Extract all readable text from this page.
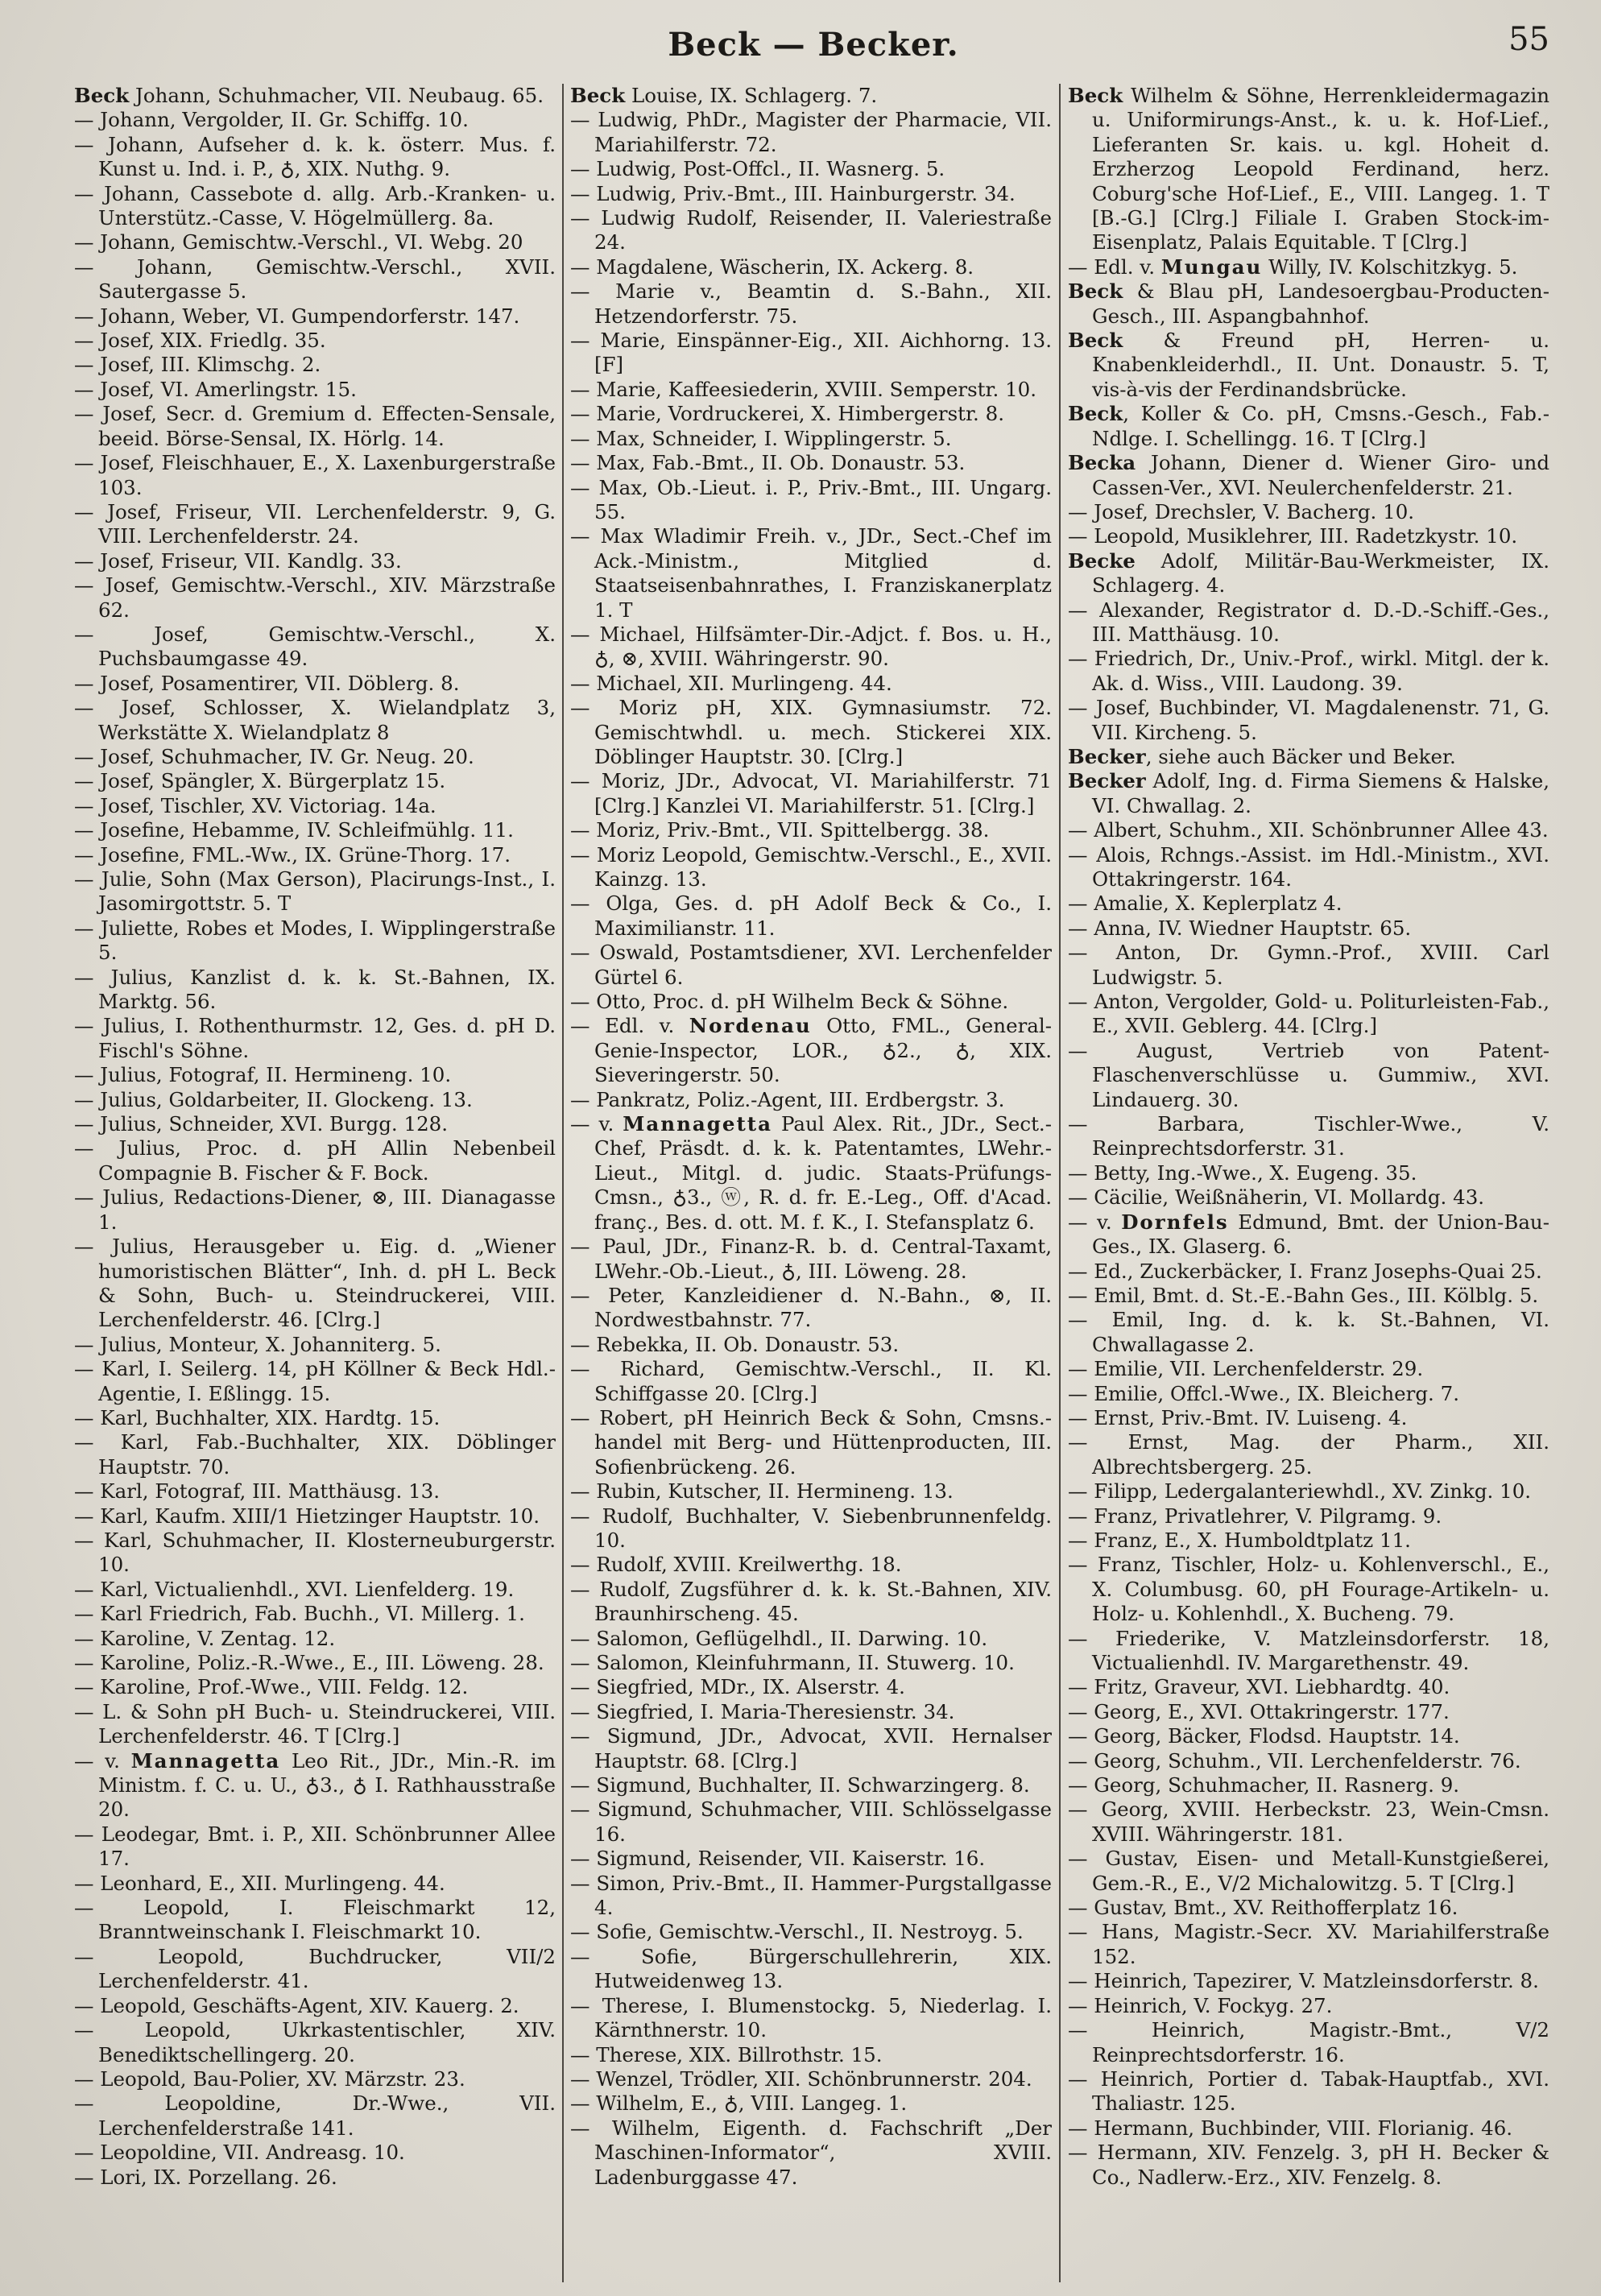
Beck — Becker.	55
Beck Johann, Schuhmacher, VII. Neubaug. 65.
— Johann, Vergolder, II. Gr. Schiffg. 10.
— Johann, Aufseher d. k. k. österr. Mus. f. Kunst u. Ind. i. P., ♁, XIX. Nuthg. 9.
— Johann, Cassebote d. allg. Arb.-Kranken- u. Unterstütz.-Casse, V. Högelmüllerg. 8a.
— Johann, Gemischtw.-Verschl., VI. Webg. 20
— Johann, Gemischtw.-Verschl., XVII. Sautergasse 5.
— Johann, Weber, VI. Gumpendorferstr. 147.
— Josef, XIX. Friedlg. 35.
— Josef, III. Klimschg. 2.
— Josef, VI. Amerlingstr. 15.
— Josef, Secr. d. Gremium d. Effecten-Sensale, beeid. Börse-Sensal, IX. Hörlg. 14.
— Josef, Fleischhauer, E., X. Laxenburgerstraße 103.
— Josef, Friseur, VII. Lerchenfelderstr. 9, G. VIII. Lerchenfelderstr. 24.
— Josef, Friseur, VII. Kandlg. 33.
— Josef, Gemischtw.-Verschl., XIV. Märzstraße 62.
— Josef, Gemischtw.-Verschl., X. Puchsbaumgasse 49.
— Josef, Posamentirer, VII. Döblerg. 8.
— Josef, Schlosser, X. Wielandplatz 3, Werkstätte X. Wielandplatz 8
— Josef, Schuhmacher, IV. Gr. Neug. 20.
— Josef, Spängler, X. Bürgerplatz 15.
— Josef, Tischler, XV. Victoriag. 14a.
— Josefine, Hebamme, IV. Schleifmühlg. 11.
— Josefine, FML.-Ww., IX. Grüne-Thorg. 17.
— Julie, Sohn (Max Gerson), Placirungs-Inst., I. Jasomirgottstr. 5. T
— Juliette, Robes et Modes, I. Wipplingerstraße 5.
— Julius, Kanzlist d. k. k. St.-Bahnen, IX. Marktg. 56.
— Julius, I. Rothenthurmstr. 12, Ges. d. pH D. Fischl's Söhne.
— Julius, Fotograf, II. Hermineng. 10.
— Julius, Goldarbeiter, II. Glockeng. 13.
— Julius, Schneider, XVI. Burgg. 128.
— Julius, Proc. d. pH Allin Nebenbeil Compagnie B. Fischer & F. Bock.
— Julius, Redactions-Diener, ⊗, III. Dianagasse 1.
— Julius, Herausgeber u. Eig. d. „Wiener humoristischen Blätter“, Inh. d. pH L. Beck & Sohn, Buch- u. Steindruckerei, VIII. Lerchenfelderstr. 46. [Clrg.]
— Julius, Monteur, X. Johanniterg. 5.
— Karl, I. Seilerg. 14, pH Köllner & Beck Hdl.-Agentie, I. Eßlingg. 15.
— Karl, Buchhalter, XIX. Hardtg. 15.
— Karl, Fab.-Buchhalter, XIX. Döblinger Hauptstr. 70.
— Karl, Fotograf, III. Matthäusg. 13.
— Karl, Kaufm. XIII/1 Hietzinger Hauptstr. 10.
— Karl, Schuhmacher, II. Klosterneuburgerstr. 10.
— Karl, Victualienhdl., XVI. Lienfelderg. 19.
— Karl Friedrich, Fab. Buchh., VI. Millerg. 1.
— Karoline, V. Zentag. 12.
— Karoline, Poliz.-R.-Wwe., E., III. Löweng. 28.
— Karoline, Prof.-Wwe., VIII. Feldg. 12.
— L. & Sohn pH Buch- u. Steindruckerei, VIII. Lerchenfelderstr. 46. T [Clrg.]
— v. Mannagetta Leo Rit., JDr., Min.-R. im Ministm. f. C. u. U., ♁3., ♁ I. Rathhausstraße 20.
— Leodegar, Bmt. i. P., XII. Schönbrunner Allee 17.
— Leonhard, E., XII. Murlingeng. 44.
— Leopold, I. Fleischmarkt 12, Branntweinschank I. Fleischmarkt 10.
— Leopold, Buchdrucker, VII/2 Lerchenfelderstr. 41.
— Leopold, Geschäfts-Agent, XIV. Kauerg. 2.
— Leopold, Ukrkastentischler, XIV. Benediktschellingerg. 20.
— Leopold, Bau-Polier, XV. Märzstr. 23.
— Leopoldine, Dr.-Wwe., VII. Lerchenfelderstraße 141.
— Leopoldine, VII. Andreasg. 10.
— Lori, IX. Porzellang. 26.
Beck Louise, IX. Schlagerg. 7.
— Ludwig, PhDr., Magister der Pharmacie, VII. Mariahilferstr. 72.
— Ludwig, Post-Offcl., II. Wasnerg. 5.
— Ludwig, Priv.-Bmt., III. Hainburgerstr. 34.
— Ludwig Rudolf, Reisender, II. Valeriestraße 24.
— Magdalene, Wäscherin, IX. Ackerg. 8.
— Marie v., Beamtin d. S.-Bahn., XII. Hetzendorferstr. 75.
— Marie, Einspänner-Eig., XII. Aichhorng. 13. [F]
— Marie, Kaffeesiederin, XVIII. Semperstr. 10.
— Marie, Vordruckerei, X. Himbergerstr. 8.
— Max, Schneider, I. Wipplingerstr. 5.
— Max, Fab.-Bmt., II. Ob. Donaustr. 53.
— Max, Ob.-Lieut. i. P., Priv.-Bmt., III. Ungarg. 55.
— Max Wladimir Freih. v., JDr., Sect.-Chef im Ack.-Ministm., Mitglied d. Staatseisenbahnrathes, I. Franziskanerplatz 1. T
— Michael, Hilfsämter-Dir.-Adjct. f. Bos. u. H., ♁, ⊗, XVIII. Währingerstr. 90.
— Michael, XII. Murlingeng. 44.
— Moriz pH, XIX. Gymnasiumstr. 72. Gemischtwhdl. u. mech. Stickerei XIX. Döblinger Hauptstr. 30. [Clrg.]
— Moriz, JDr., Advocat, VI. Mariahilferstr. 71 [Clrg.] Kanzlei VI. Mariahilferstr. 51. [Clrg.]
— Moriz, Priv.-Bmt., VII. Spittelbergg. 38.
— Moriz Leopold, Gemischtw.-Verschl., E., XVII. Kainzg. 13.
— Olga, Ges. d. pH Adolf Beck & Co., I. Maximilianstr. 11.
— Oswald, Postamtsdiener, XVI. Lerchenfelder Gürtel 6.
— Otto, Proc. d. pH Wilhelm Beck & Söhne.
— Edl. v. Nordenau Otto, FML., General-Genie-Inspector, LOR., ♁2., ♁, XIX. Sieveringerstr. 50.
— Pankratz, Poliz.-Agent, III. Erdbergstr. 3.
— v. Mannagetta Paul Alex. Rit., JDr., Sect.-Chef, Präsdt. d. k. k. Patentamtes, LWehr.-Lieut., Mitgl. d. judic. Staats-Prüfungs-Cmsn., ♁3., ⓦ, R. d. fr. E.-Leg., Off. d'Acad. franç., Bes. d. ott. M. f. K., I. Stefansplatz 6.
— Paul, JDr., Finanz-R. b. d. Central-Taxamt, LWehr.-Ob.-Lieut., ♁, III. Löweng. 28.
— Peter, Kanzleidiener d. N.-Bahn., ⊗, II. Nordwestbahnstr. 77.
— Rebekka, II. Ob. Donaustr. 53.
— Richard, Gemischtw.-Verschl., II. Kl. Schiffgasse 20. [Clrg.]
— Robert, pH Heinrich Beck & Sohn, Cmsns.-handel mit Berg- und Hüttenproducten, III. Sofienbrückeng. 26.
— Rubin, Kutscher, II. Hermineng. 13.
— Rudolf, Buchhalter, V. Siebenbrunnenfeldg. 10.
— Rudolf, XVIII. Kreilwerthg. 18.
— Rudolf, Zugsführer d. k. k. St.-Bahnen, XIV. Braunhirscheng. 45.
— Salomon, Geflügelhdl., II. Darwing. 10.
— Salomon, Kleinfuhrmann, II. Stuwerg. 10.
— Siegfried, MDr., IX. Alserstr. 4.
— Siegfried, I. Maria-Theresienstr. 34.
— Sigmund, JDr., Advocat, XVII. Hernalser Hauptstr. 68. [Clrg.]
— Sigmund, Buchhalter, II. Schwarzingerg. 8.
— Sigmund, Schuhmacher, VIII. Schlösselgasse 16.
— Sigmund, Reisender, VII. Kaiserstr. 16.
— Simon, Priv.-Bmt., II. Hammer-Purgstallgasse 4.
— Sofie, Gemischtw.-Verschl., II. Nestroyg. 5.
— Sofie, Bürgerschullehrerin, XIX. Hutweidenweg 13.
— Therese, I. Blumenstockg. 5, Niederlag. I. Kärnthnerstr. 10.
— Therese, XIX. Billrothstr. 15.
— Wenzel, Trödler, XII. Schönbrunnerstr. 204.
— Wilhelm, E., ♁, VIII. Langeg. 1.
— Wilhelm, Eigenth. d. Fachschrift „Der Maschinen-Informator“, XVIII. Ladenburggasse 47.
Beck Wilhelm & Söhne, Herrenkleidermagazin u. Uniformirungs-Anst., k. u. k. Hof-Lief., Lieferanten Sr. kais. u. kgl. Hoheit d. Erzherzog Leopold Ferdinand, herz. Coburg'sche Hof-Lief., E., VIII. Langeg. 1. T [B.-G.] [Clrg.] Filiale I. Graben Stock-im-Eisenplatz, Palais Equitable. T [Clrg.]
— Edl. v. Mungau Willy, IV. Kolschitzkyg. 5.
Beck & Blau pH, Landesoergbau-Producten-Gesch., III. Aspangbahnhof.
Beck & Freund pH, Herren- u. Knabenkleiderhdl., II. Unt. Donaustr. 5. T, vis-à-vis der Ferdinandsbrücke.
Beck, Koller & Co. pH, Cmsns.-Gesch., Fab.-Ndlge. I. Schellingg. 16. T [Clrg.]
Becka Johann, Diener d. Wiener Giro- und Cassen-Ver., XVI. Neulerchenfelderstr. 21.
— Josef, Drechsler, V. Bacherg. 10.
— Leopold, Musiklehrer, III. Radetzkystr. 10.
Becke Adolf, Militär-Bau-Werkmeister, IX. Schlagerg. 4.
— Alexander, Registrator d. D.-D.-Schiff.-Ges., III. Matthäusg. 10.
— Friedrich, Dr., Univ.-Prof., wirkl. Mitgl. der k. Ak. d. Wiss., VIII. Laudong. 39.
— Josef, Buchbinder, VI. Magdalenenstr. 71, G. VII. Kircheng. 5.
Becker, siehe auch Bäcker und Beker.
Becker Adolf, Ing. d. Firma Siemens & Halske, VI. Chwallag. 2.
— Albert, Schuhm., XII. Schönbrunner Allee 43.
— Alois, Rchngs.-Assist. im Hdl.-Ministm., XVI. Ottakringerstr. 164.
— Amalie, X. Keplerplatz 4.
— Anna, IV. Wiedner Hauptstr. 65.
— Anton, Dr. Gymn.-Prof., XVIII. Carl Ludwigstr. 5.
— Anton, Vergolder, Gold- u. Politurleisten-Fab., E., XVII. Geblerg. 44. [Clrg.]
— August, Vertrieb von Patent-Flaschenverschlüsse u. Gummiw., XVI. Lindauerg. 30.
— Barbara, Tischler-Wwe., V. Reinprechtsdorferstr. 31.
— Betty, Ing.-Wwe., X. Eugeng. 35.
— Cäcilie, Weißnäherin, VI. Mollardg. 43.
— v. Dornfels Edmund, Bmt. der Union-Bau-Ges., IX. Glaserg. 6.
— Ed., Zuckerbäcker, I. Franz Josephs-Quai 25.
— Emil, Bmt. d. St.-E.-Bahn Ges., III. Kölblg. 5.
— Emil, Ing. d. k. k. St.-Bahnen, VI. Chwallagasse 2.
— Emilie, VII. Lerchenfelderstr. 29.
— Emilie, Offcl.-Wwe., IX. Bleicherg. 7.
— Ernst, Priv.-Bmt. IV. Luiseng. 4.
— Ernst, Mag. der Pharm., XII. Albrechtsbergerg. 25.
— Filipp, Ledergalanteriewhdl., XV. Zinkg. 10.
— Franz, Privatlehrer, V. Pilgramg. 9.
— Franz, E., X. Humboldtplatz 11.
— Franz, Tischler, Holz- u. Kohlenverschl., E., X. Columbusg. 60, pH Fourage-Artikeln- u. Holz- u. Kohlenhdl., X. Bucheng. 79.
— Friederike, V. Matzleinsdorferstr. 18, Victualienhdl. IV. Margarethenstr. 49.
— Fritz, Graveur, XVI. Liebhardtg. 40.
— Georg, E., XVI. Ottakringerstr. 177.
— Georg, Bäcker, Flodsd. Hauptstr. 14.
— Georg, Schuhm., VII. Lerchenfelderstr. 76.
— Georg, Schuhmacher, II. Rasnerg. 9.
— Georg, XVIII. Herbeckstr. 23, Wein-Cmsn. XVIII. Währingerstr. 181.
— Gustav, Eisen- und Metall-Kunstgießerei, Gem.-R., E., V/2 Michalowitzg. 5. T [Clrg.]
— Gustav, Bmt., XV. Reithofferplatz 16.
— Hans, Magistr.-Secr. XV. Mariahilferstraße 152.
— Heinrich, Tapezirer, V. Matzleinsdorferstr. 8.
— Heinrich, V. Fockyg. 27.
— Heinrich, Magistr.-Bmt., V/2 Reinprechtsdorferstr. 16.
— Heinrich, Portier d. Tabak-Hauptfab., XVI. Thaliastr. 125.
— Hermann, Buchbinder, VIII. Florianig. 46.
— Hermann, XIV. Fenzelg. 3, pH H. Becker & Co., Nadlerw.-Erz., XIV. Fenzelg. 8.
